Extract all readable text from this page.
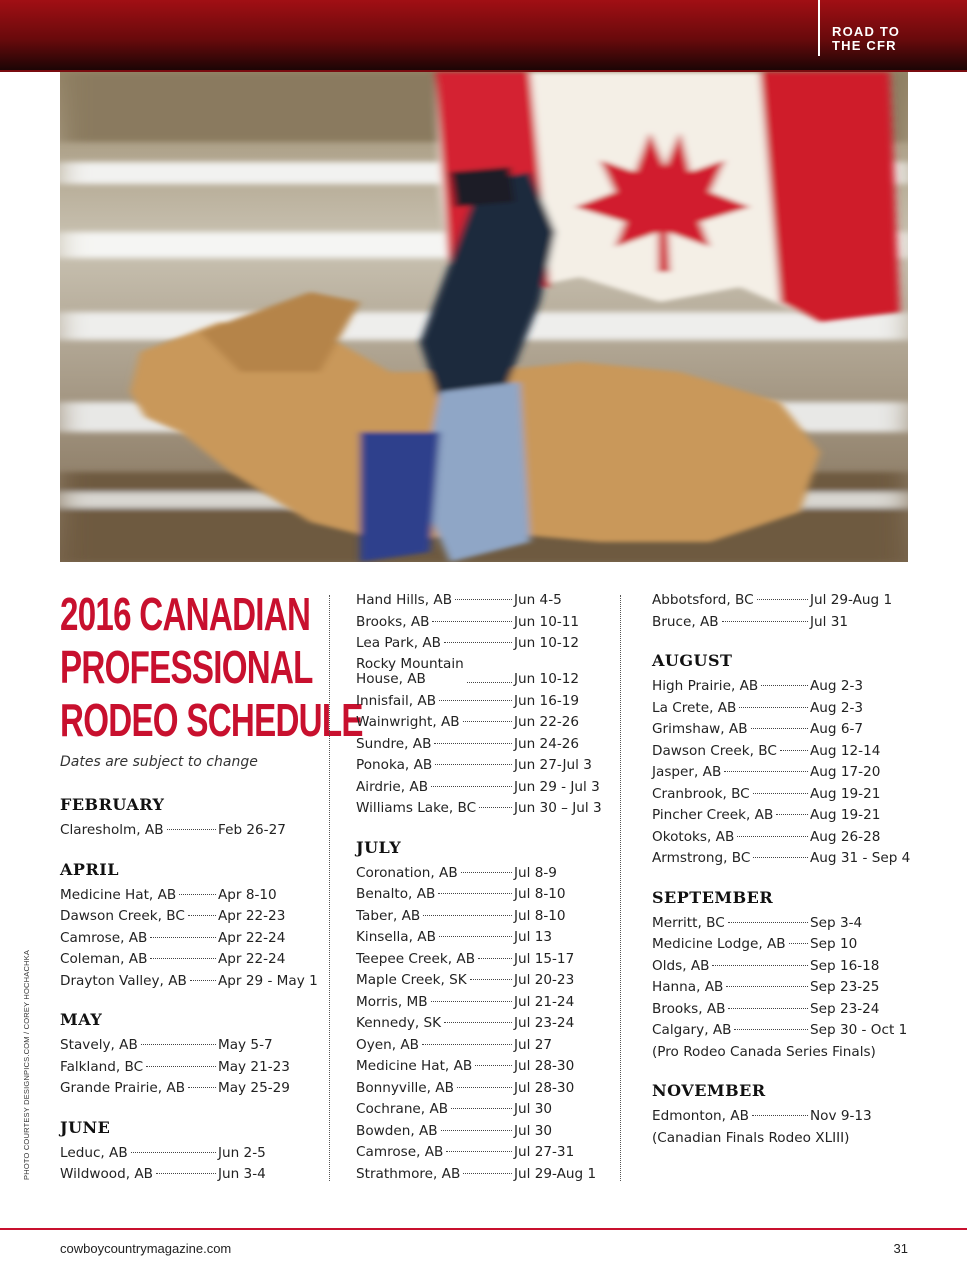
ROAD TO
THE CFR
2016 CANADIAN
PROFESSIONAL
RODEO SCHEDULE
Dates are subject to change
FEBRUARY
Claresholm, AB	Feb 26-27
APRIL
Medicine Hat, AB	Apr 8-10
Dawson Creek, BC Apr 22-23
Camrose, AB	Apr 22-24
Coleman, AB	Apr 22-24
Drayton Valley, AB Apr 29 - May 1
MAY
Stavely, AB	May 5-7
Falkland, BC	May 21-23
Grande Prairie, AB May 25-29
JUNE
Leduc, AB	Jun 2-5
Wildwood, AB	Jun 3-4
Hand Hills, AB	Jun 4-5
Brooks, AB	Jun 10-11
Lea Park, AB	Jun 10-12
Rocky Mountain
House, AB	Jun 10-12
Innisfail, AB	Jun 16-19
Wainwright, AB	Jun 22-26
Sundre, AB	Jun 24-26
Ponoka, AB	Jun 27-Jul 3
Airdrie, AB	Jun 29 - Jul 3
Williams Lake, BC	Jun 30 – Jul 3
JULY
Coronation, AB	Jul 8-9
Benalto, AB	Jul 8-10
Taber, AB	Jul 8-10
Kinsella, AB	Jul 13
Teepee Creek, AB	Jul 15-17
Maple Creek, SK	Jul 20-23
Morris, MB	Jul 21-24
Kennedy, SK	Jul 23-24
Oyen, AB	Jul 27
Medicine Hat, AB	Jul 28-30
Bonnyville, AB	Jul 28-30
Cochrane, AB	Jul 30
Bowden, AB	Jul 30
Camrose, AB	Jul 27-31
Strathmore, AB	Jul 29-Aug 1
Abbotsford, BC	Jul 29-Aug 1
Bruce, AB	Jul 31
AUGUST
High Prairie, AB	Aug 2-3
La Crete, AB	Aug 2-3
Grimshaw, AB	Aug 6-7
Dawson Creek, BC Aug 12-14
Jasper, AB	Aug 17-20
Cranbrook, BC	Aug 19-21
Pincher Creek, AB	Aug 19-21
Okotoks, AB	Aug 26-28
Armstrong, BC	Aug 31 - Sep 4
SEPTEMBER
Merritt, BC	Sep 3-4
Medicine Lodge, AB Sep 10
Olds, AB	Sep 16-18
Hanna, AB	Sep 23-25
Brooks, AB	Sep 23-24
Calgary, AB	Sep 30 - Oct 1
(Pro Rodeo Canada Series Finals)
NOVEMBER
Edmonton, AB	Nov 9-13
(Canadian Finals Rodeo XLIII)
PHOTO COURTESY DESIGNPICS.COM / COREY HOCHACHKA
cowboycountrymagazine.com	31
